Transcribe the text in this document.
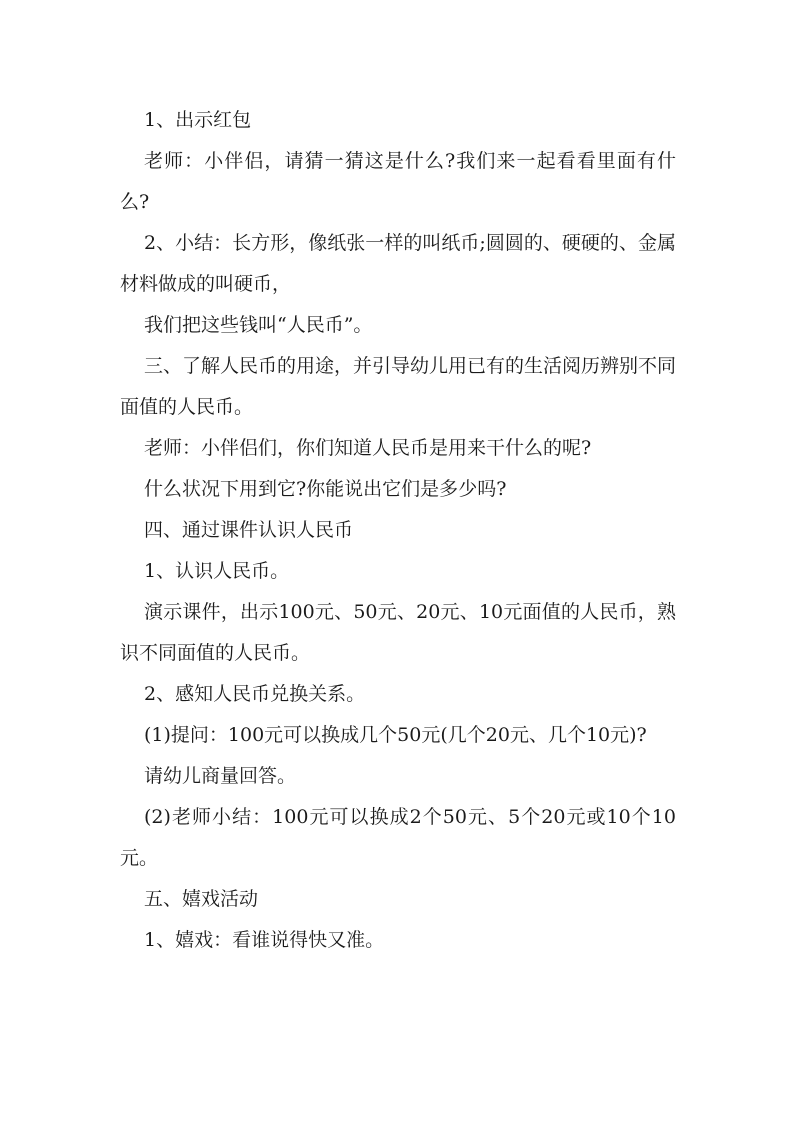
1、出示红包

老师：小伴侣，请猜一猜这是什么?我们来一起看看里面有什么?

2、小结：长方形，像纸张一样的叫纸币;圆圆的、硬硬的、金属材料做成的叫硬币，

我们把这些钱叫“人民币”。

三、了解人民币的用途，并引导幼儿用已有的生活阅历辨别不同面值的人民币。

老师：小伴侣们，你们知道人民币是用来干什么的呢?

什么状况下用到它?你能说出它们是多少吗?

四、通过课件认识人民币

1、认识人民币。

演示课件，出示100元、50元、20元、10元面值的人民币，熟识不同面值的人民币。

2、感知人民币兑换关系。

(1)提问：100元可以换成几个50元(几个20元、几个10元)?

请幼儿商量回答。

(2)老师小结：100元可以换成2个50元、5个20元或10个10元。

五、嬉戏活动

1、嬉戏：看谁说得快又准。
